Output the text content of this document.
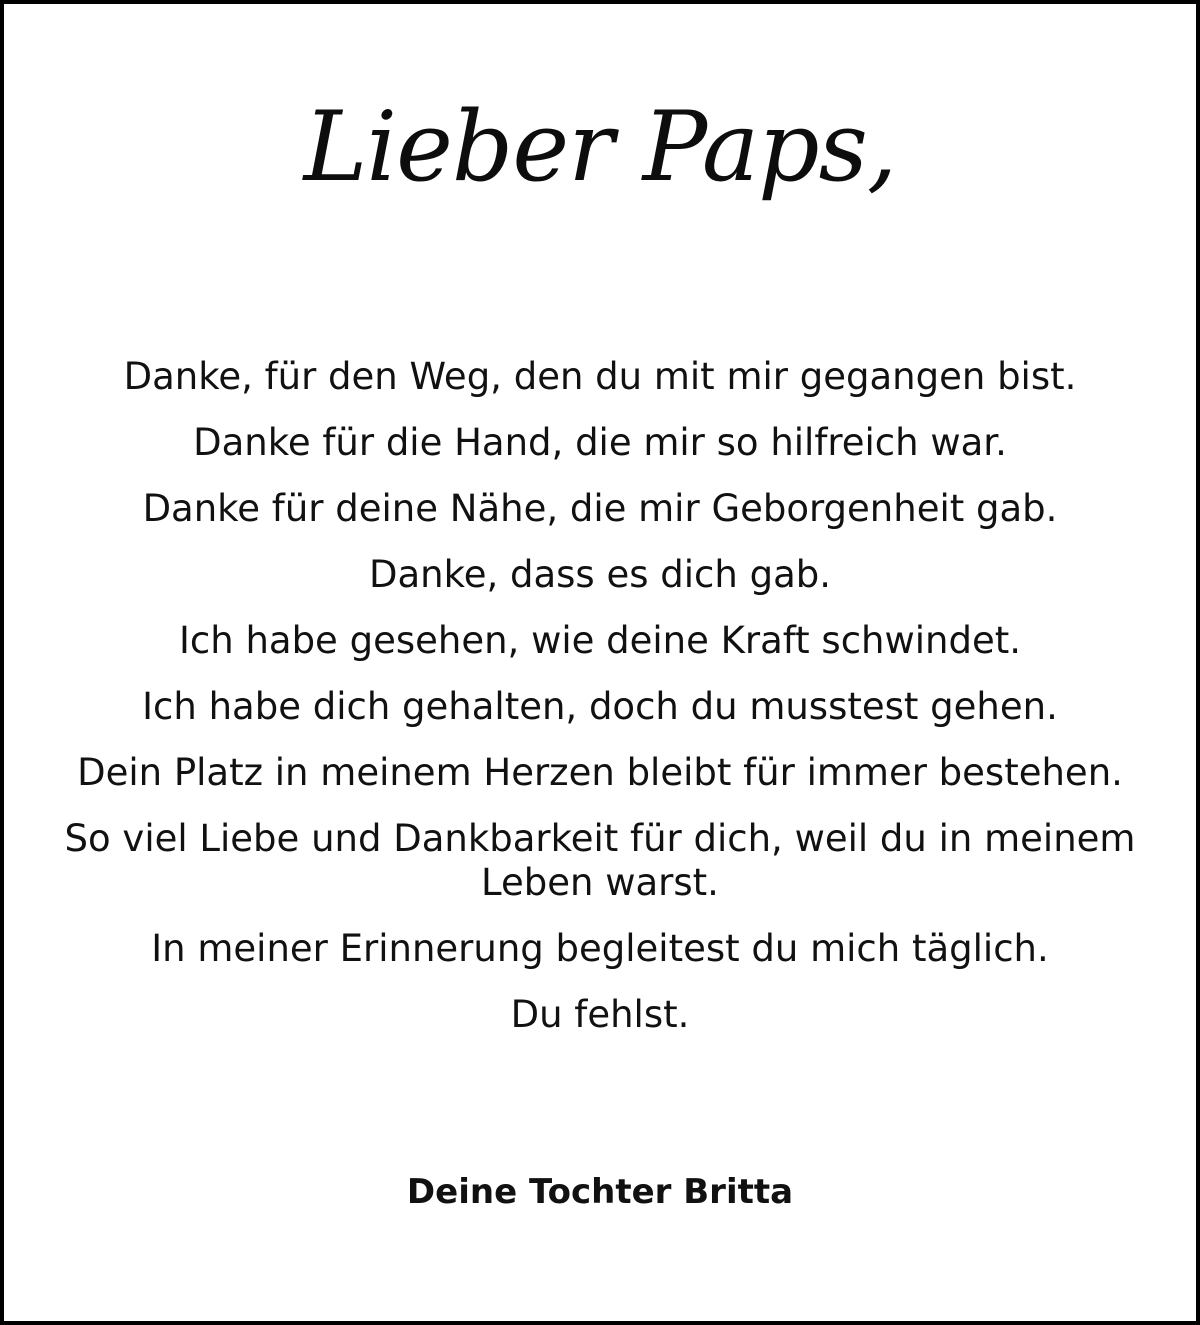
Lieber Paps,
Danke, für den Weg, den du mit mir gegangen bist.
Danke für die Hand, die mir so hilfreich war.
Danke für deine Nähe, die mir Geborgenheit gab.
Danke, dass es dich gab.
Ich habe gesehen, wie deine Kraft schwindet.
Ich habe dich gehalten, doch du musstest gehen.
Dein Platz in meinem Herzen bleibt für immer bestehen.
So viel Liebe und Dankbarkeit für dich, weil du in meinem
Leben warst.
In meiner Erinnerung begleitest du mich täglich.
Du fehlst.
Deine Tochter Britta
